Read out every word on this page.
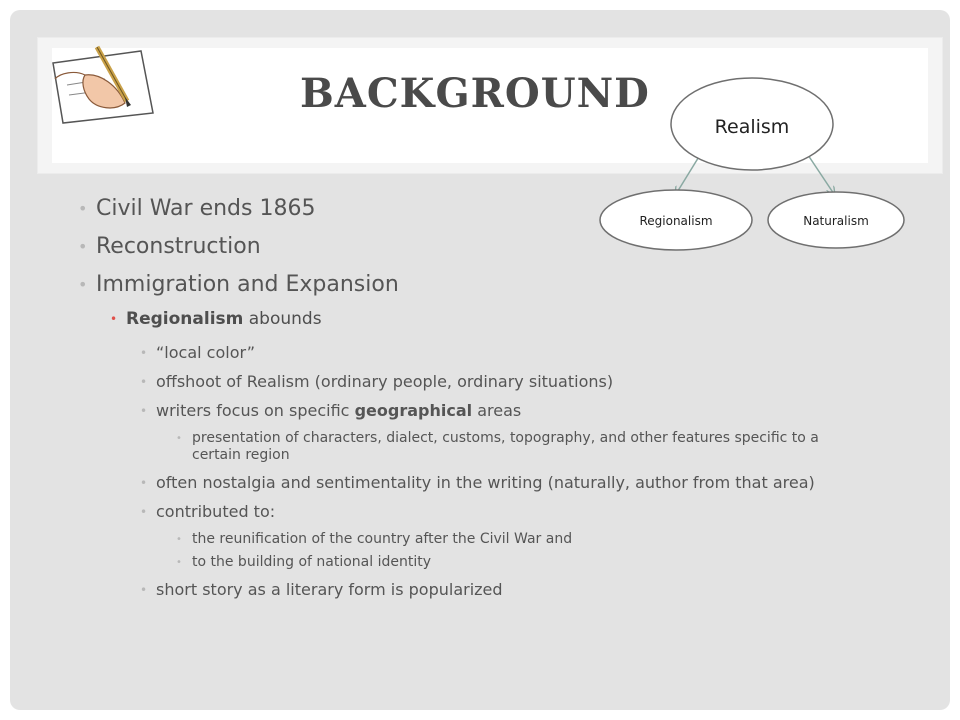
BACKGROUND
Realism
Regionalism	Naturalism
• Civil War ends 1865
• Reconstruction
• Immigration and Expansion
• Regionalism abounds
• “local color”
• offshoot of Realism (ordinary people, ordinary situations)
• writers focus on specific geographical areas
• presentation of characters, dialect, customs, topography, and other features specific to a certain region
• often nostalgia and sentimentality in the writing (naturally, author from that area)
• contributed to:
• the reunification of the country after the Civil War and
• to the building of national identity
• short story as a literary form is popularized
